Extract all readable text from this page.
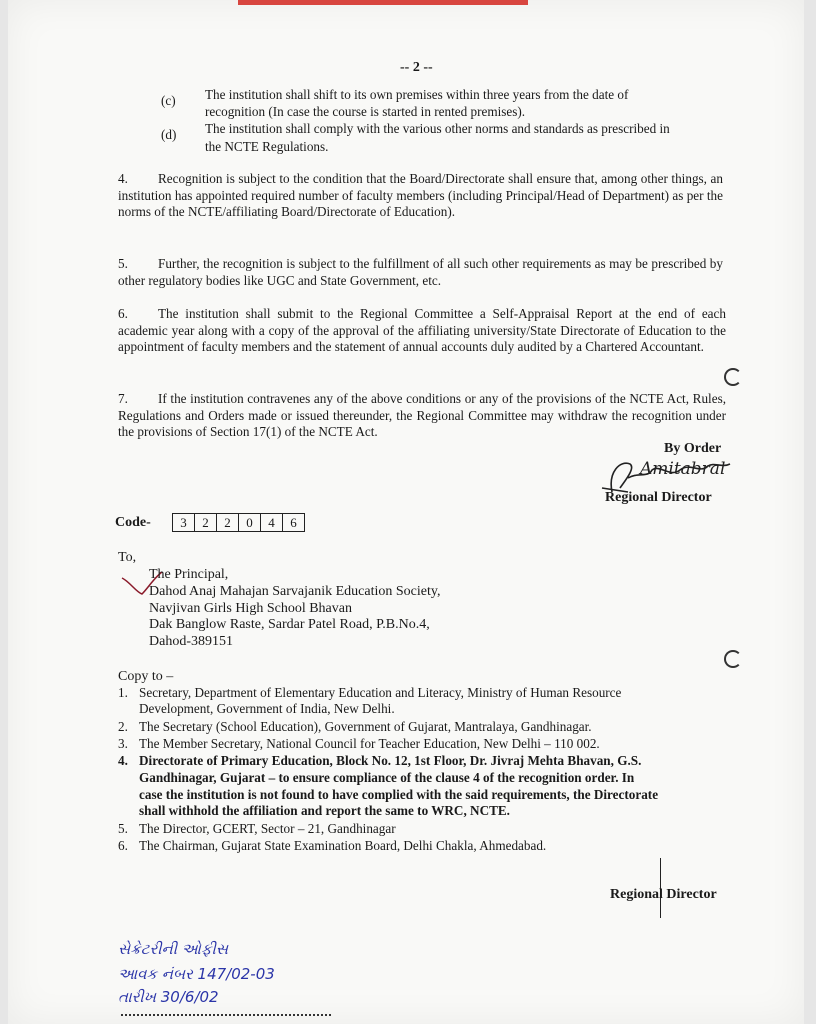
-- 2 --
(c) The institution shall shift to its own premises within three years from the date of
recognition (In case the course is started in rented premises).
(d) The institution shall comply with the various other norms and standards as prescribed in
the NCTE Regulations.
4. Recognition is subject to the condition that the Board/Directorate shall ensure that, among other things, an institution has appointed required number of faculty members (including Principal/Head of Department) as per the norms of the NCTE/affiliating Board/Directorate of Education).
5. Further, the recognition is subject to the fulfillment of all such other requirements as may be prescribed by other regulatory bodies like UGC and State Government, etc.
6. The institution shall submit to the Regional Committee a Self-Appraisal Report at the end of each academic year along with a copy of the approval of the affiliating university/State Directorate of Education to the appointment of faculty members and the statement of annual accounts duly audited by a Chartered Accountant.
7. If the institution contravenes any of the above conditions or any of the provisions of the NCTE Act, Rules, Regulations and Orders made or issued thereunder, the Regional Committee may withdraw the recognition under the provisions of Section 17(1) of the NCTE Act.
By Order
Amitabral
Regional Director
Code-	3	2	2	0	4	6
To,
The Principal,
Dahod Anaj Mahajan Sarvajanik Education Society,
Navjivan Girls High School Bhavan
Dak Banglow Raste, Sardar Patel Road, P.B.No.4,
Dahod-389151
Copy to –
1. Secretary, Department of Elementary Education and Literacy, Ministry of Human Resource
Development, Government of India, New Delhi.
2. The Secretary (School Education), Government of Gujarat, Mantralaya, Gandhinagar.
3. The Member Secretary, National Council for Teacher Education, New Delhi – 110 002.
4. Directorate of Primary Education, Block No. 12, 1st Floor, Dr. Jivraj Mehta Bhavan, G.S.
Gandhinagar, Gujarat – to ensure compliance of the clause 4 of the recognition order. In
case the institution is not found to have complied with the said requirements, the Directorate
shall withhold the affiliation and report the same to WRC, NCTE.
5. The Director, GCERT, Sector – 21, Gandhinagar
6. The Chairman, Gujarat State Examination Board, Delhi Chakla, Ahmedabad.
Regional Director
સેક્રેટરીની ઓફીસ
આવક નંબર 147/02-03
તારીખ 30/6/02
